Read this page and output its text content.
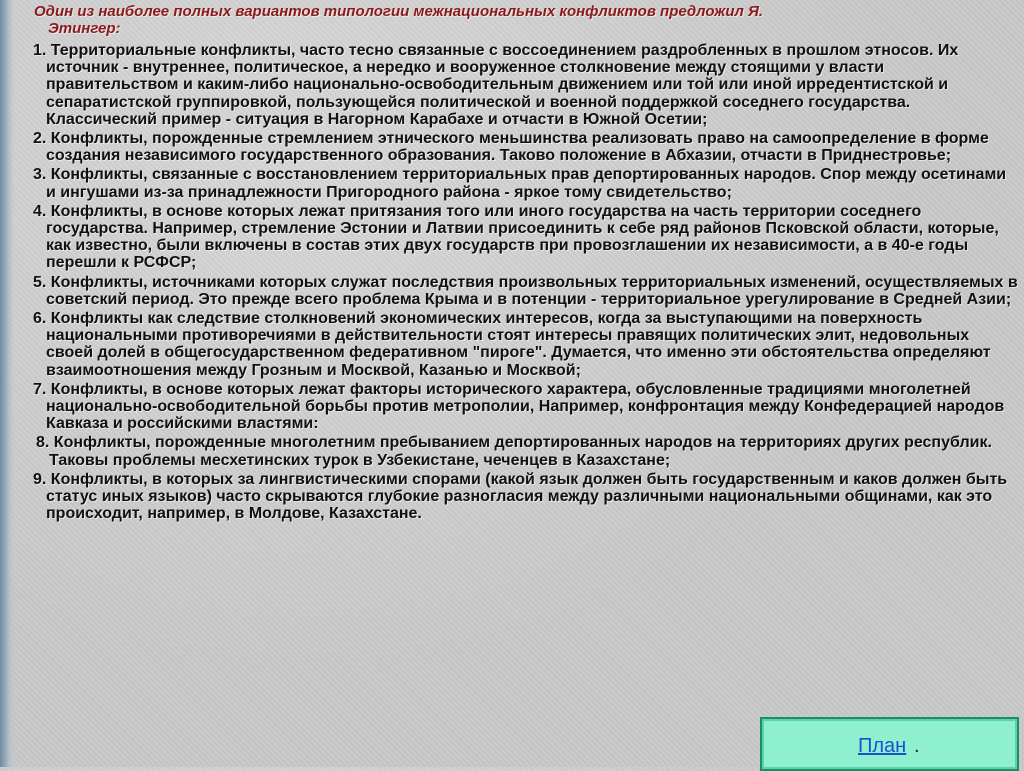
Один из наиболее полных вариантов типологии межнациональных конфликтов предложил Я.
Этингер:

1. Территориальные конфликты, часто тесно связанные с воссоединением раздробленных в прошлом этносов. Их источник - внутреннее, политическое, а нередко и вооруженное столкновение между стоящими у власти правительством и каким-либо национально-освободительным движением или той или иной ирредентистской и сепаратистской группировкой, пользующейся политической и военной поддержкой соседнего государства. Классический пример - ситуация в Нагорном Карабахе и отчасти в Южной Осетии;

2. Конфликты, порожденные стремлением этнического меньшинства реализовать право на самоопределение в форме создания независимого государственного образования. Таково положение в Абхазии, отчасти в Приднестровье;

3. Конфликты, связанные с восстановлением территориальных прав депортированных народов. Спор между осетинами и ингушами из-за принадлежности Пригородного района - яркое тому свидетельство;

4. Конфликты, в основе которых лежат притязания того или иного государства на часть территории соседнего государства. Например, стремление Эстонии и Латвии присоединить к себе ряд районов Псковской области, которые, как известно, были включены в состав этих двух государств при провозглашении их независимости, а в 40-е годы перешли к РСФСР;

5. Конфликты, источниками которых служат последствия произвольных территориальных изменений, осуществляемых в советский период. Это прежде всего проблема Крыма и в потенции - территориальное урегулирование в Средней Азии;

6. Конфликты как следствие столкновений экономических интересов, когда за выступающими на поверхность национальными противоречиями в действительности стоят интересы правящих политических элит, недовольных своей долей в общегосударственном федеративном "пироге". Думается, что именно эти обстоятельства определяют взаимоотношения между Грозным и Москвой, Казанью и Москвой;

7. Конфликты, в основе которых лежат факторы исторического характера, обусловленные традициями многолетней национально-освободительной борьбы против метрополии, Например, конфронтация между Конфедерацией народов Кавказа и российскими властями:

8. Конфликты, порожденные многолетним пребыванием депортированных народов на территориях других республик. Таковы проблемы месхетинских турок в Узбекистане, чеченцев в Казахстане;

9. Конфликты, в которых за лингвистическими спорами (какой язык должен быть государственным и каков должен быть статус иных языков) часто скрываются глубокие разногласия между различными национальными общинами, как это происходит, например, в Молдове, Казахстане.

План .
